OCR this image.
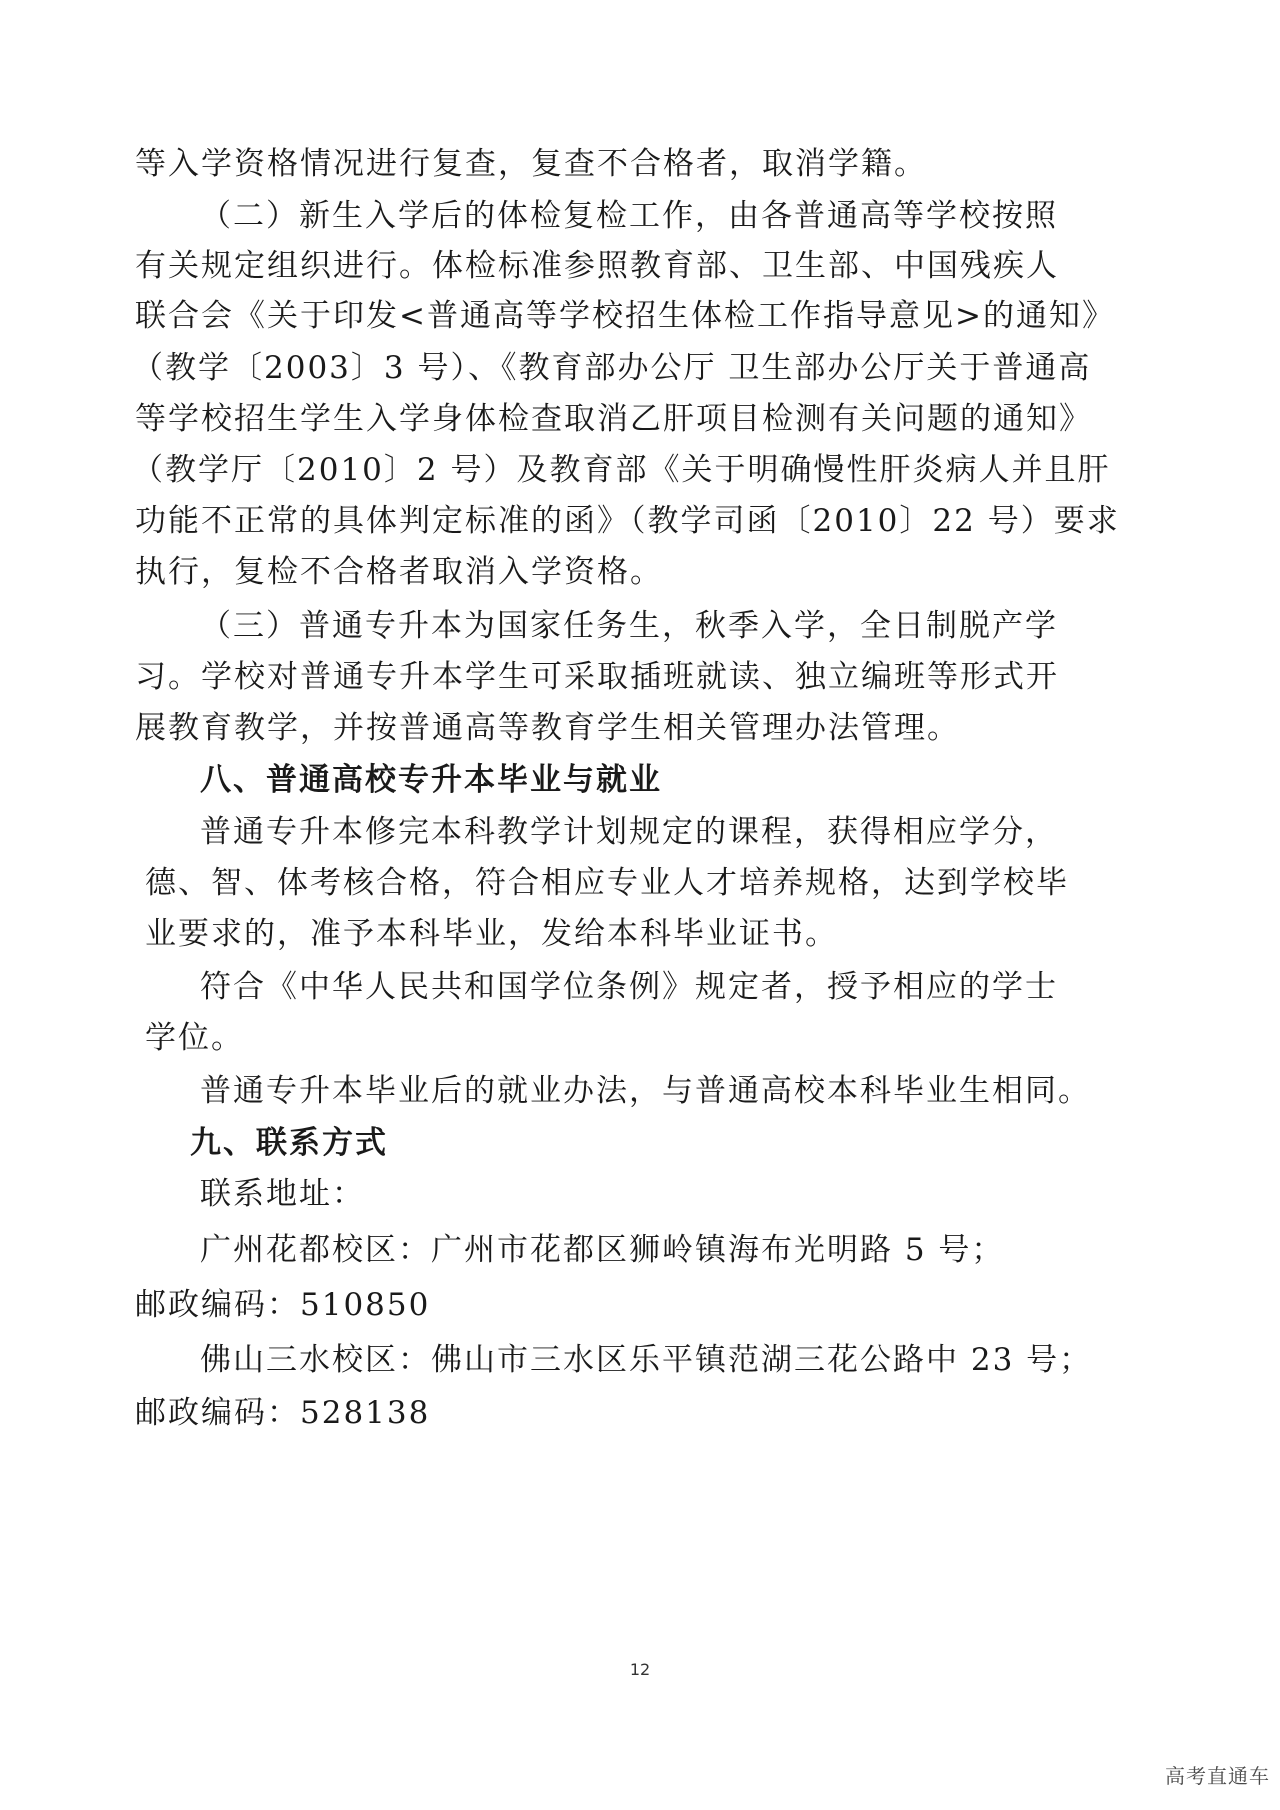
等入学资格情况进行复查，复查不合格者，取消学籍。
（二）新生入学后的体检复检工作，由各普通高等学校按照
有关规定组织进行。体检标准参照教育部、卫生部、中国残疾人
联合会《关于印发<普通高等学校招生体检工作指导意见>的通知》
（教学〔2003〕3 号）、《教育部办公厅 卫生部办公厅关于普通高
等学校招生学生入学身体检查取消乙肝项目检测有关问题的通知》
（教学厅〔2010〕2 号）及教育部《关于明确慢性肝炎病人并且肝
功能不正常的具体判定标准的函》（教学司函〔2010〕22 号）要求
执行，复检不合格者取消入学资格。
（三）普通专升本为国家任务生，秋季入学，全日制脱产学
习。学校对普通专升本学生可采取插班就读、独立编班等形式开
展教育教学，并按普通高等教育学生相关管理办法管理。
八、普通高校专升本毕业与就业
普通专升本修完本科教学计划规定的课程，获得相应学分，
德、智、体考核合格，符合相应专业人才培养规格，达到学校毕
业要求的，准予本科毕业，发给本科毕业证书。
符合《中华人民共和国学位条例》规定者，授予相应的学士
学位。
普通专升本毕业后的就业办法，与普通高校本科毕业生相同。
九、联系方式
联系地址：
广州花都校区：广州市花都区狮岭镇海布光明路 5 号；
邮政编码：510850
佛山三水校区：佛山市三水区乐平镇范湖三花公路中 23 号；
邮政编码：528138
12
高考直通车
